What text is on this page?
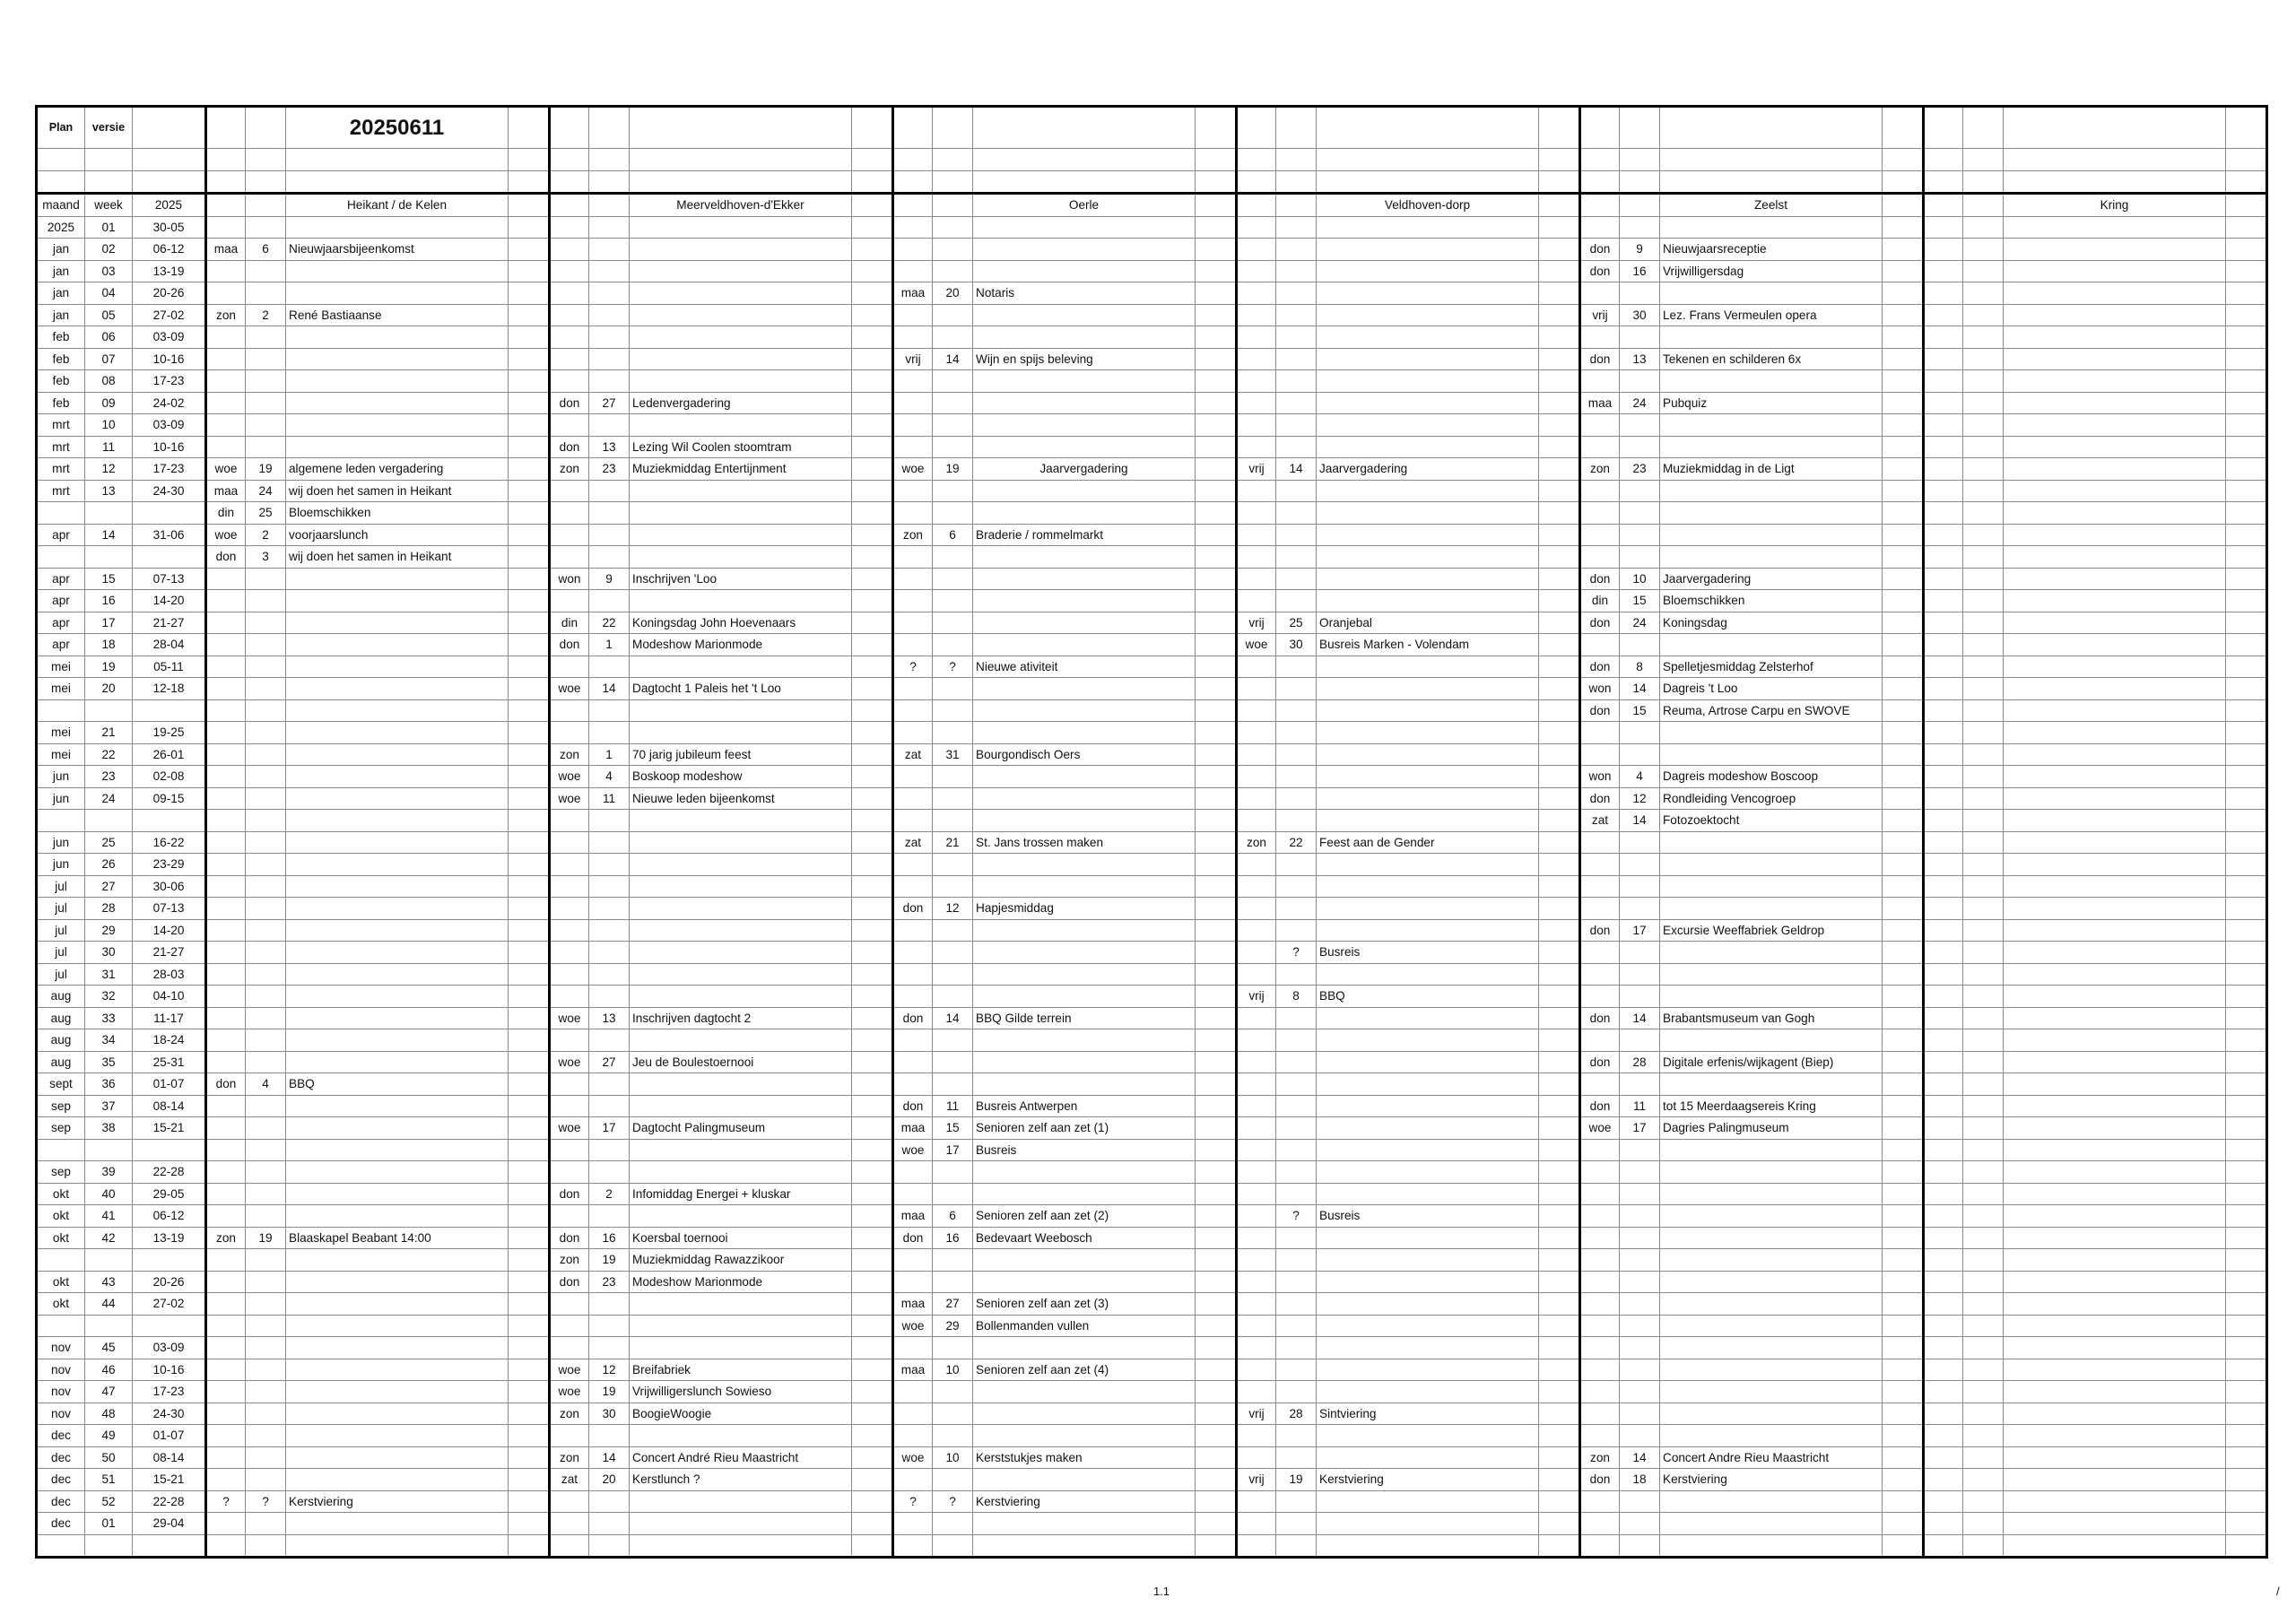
Plan	versie				20250611																					

maand	week	2025			Heikant / de Kelen				Meerveldhoven-d'Ekker				Oerle				Veldhoven-dorp				Zeelst				Kring	
2025	01	30-05																								
jan	02	06-12	maa	6	Nieuwjaarsbijeenkomst														don	9	Nieuwjaarsreceptie					
jan	03	13-19																	don	16	Vrijwilligersdag					
jan	04	20-26									maa	20	Notaris													
jan	05	27-02	zon	2	René Bastiaanse														vrij	30	Lez. Frans Vermeulen opera					
feb	06	03-09																								
feb	07	10-16									vrij	14	Wijn en spijs beleving						don	13	Tekenen en schilderen 6x					
feb	08	17-23																								
feb	09	24-02					don	27	Ledenvergadering										maa	24	Pubquiz					
mrt	10	03-09																								
mrt	11	10-16					don	13	Lezing Wil Coolen stoomtram																	
mrt	12	17-23	woe	19	algemene leden vergadering		zon	23	Muziekmiddag Entertijnment		woe	19	Jaarvergadering		vrij	14	Jaarvergadering		zon	23	Muziekmiddag in de Ligt					
mrt	13	24-30	maa	24	wij doen het samen in Heikant																					
			din	25	Bloemschikken																					
apr	14	31-06	woe	2	voorjaarslunch						zon	6	Braderie / rommelmarkt													
			don	3	wij doen het samen in Heikant																					
apr	15	07-13					won	9	Inschrijven 'Loo										don	10	Jaarvergadering					
apr	16	14-20																	din	15	Bloemschikken					
apr	17	21-27					din	22	Koningsdag John Hoevenaars						vrij	25	Oranjebal		don	24	Koningsdag					
apr	18	28-04					don	1	Modeshow Marionmode						woe	30	Busreis Marken - Volendam									
mei	19	05-11									?	?	Nieuwe ativiteit						don	8	Spelletjesmiddag Zelsterhof					
mei	20	12-18					woe	14	Dagtocht 1 Paleis het 't Loo										won	14	Dagreis 't Loo					
																			don	15	Reuma, Artrose Carpu en SWOVE					
mei	21	19-25																								
mei	22	26-01					zon	1	70 jarig jubileum feest		zat	31	Bourgondisch Oers													
jun	23	02-08					woe	4	Boskoop modeshow										won	4	Dagreis modeshow Boscoop					
jun	24	09-15					woe	11	Nieuwe leden bijeenkomst										don	12	Rondleiding Vencogroep					
																			zat	14	Fotozoektocht					
jun	25	16-22									zat	21	St. Jans trossen maken		zon	22	Feest aan de Gender									
jun	26	23-29																								
jul	27	30-06																								
jul	28	07-13									don	12	Hapjesmiddag													
jul	29	14-20																	don	17	Excursie Weeffabriek Geldrop					
jul	30	21-27														?	Busreis									
jul	31	28-03																								
aug	32	04-10													vrij	8	BBQ									
aug	33	11-17					woe	13	Inschrijven dagtocht 2		don	14	BBQ Gilde terrein						don	14	Brabantsmuseum van Gogh					
aug	34	18-24																								
aug	35	25-31					woe	27	Jeu de Boulestoernooi										don	28	Digitale erfenis/wijkagent (Biep)					
sept	36	01-07	don	4	BBQ																					
sep	37	08-14									don	11	Busreis Antwerpen						don	11	tot 15 Meerdaagsereis Kring					
sep	38	15-21					woe	17	Dagtocht Palingmuseum		maa	15	Senioren zelf aan zet (1)						woe	17	Dagries Palingmuseum					
											woe	17	Busreis													
sep	39	22-28																								
okt	40	29-05					don	2	Infomiddag Energei + kluskar																	
okt	41	06-12									maa	6	Senioren zelf aan zet (2)			?	Busreis									
okt	42	13-19	zon	19	Blaaskapel Beabant 14:00		don	16	Koersbal toernooi		don	16	Bedevaart Weebosch													
							zon	19	Muziekmiddag Rawazzikoor																	
okt	43	20-26					don	23	Modeshow Marionmode																	
okt	44	27-02									maa	27	Senioren zelf aan zet (3)													
											woe	29	Bollenmanden vullen													
nov	45	03-09																								
nov	46	10-16					woe	12	Breifabriek		maa	10	Senioren zelf aan zet (4)													
nov	47	17-23					woe	19	Vrijwilligerslunch Sowieso																	
nov	48	24-30					zon	30	BoogieWoogie						vrij	28	Sintviering									
dec	49	01-07																								
dec	50	08-14					zon	14	Concert André Rieu Maastricht		woe	10	Kerststukjes maken						zon	14	Concert Andre Rieu Maastricht					
dec	51	15-21					zat	20	Kerstlunch ?						vrij	19	Kerstviering		don	18	Kerstviering					
dec	52	22-28	?	?	Kerstviering						?	?	Kerstviering													
dec	01	29-04																								

1.1	/
